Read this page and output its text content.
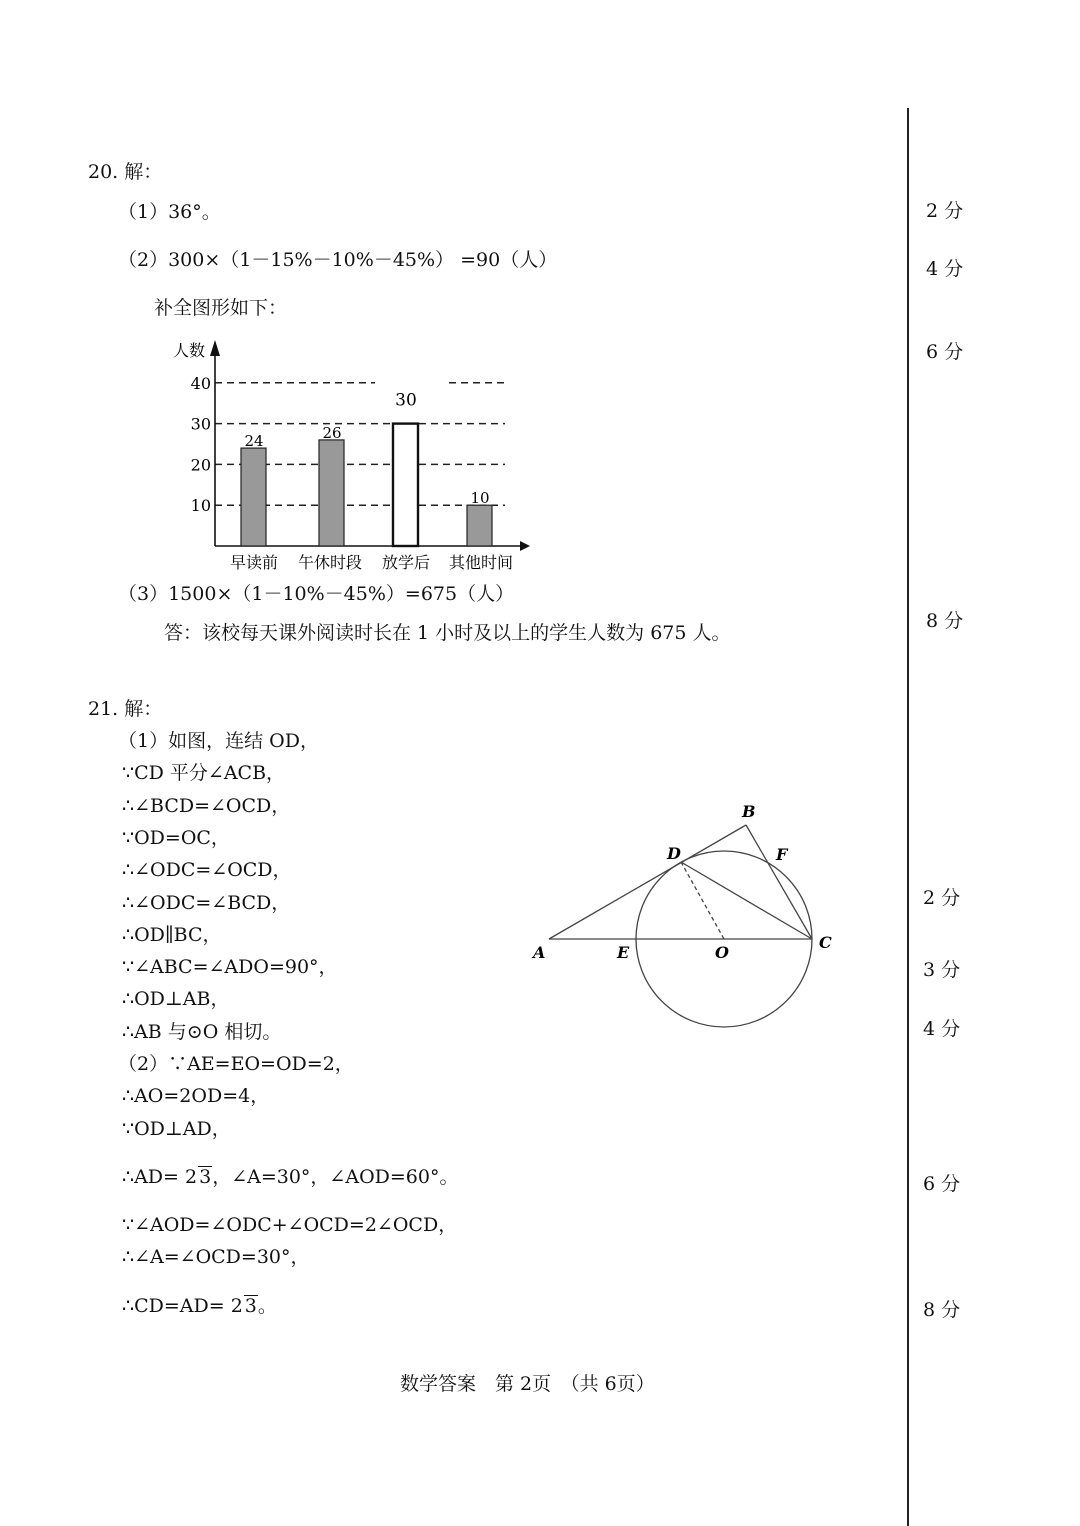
20. 解：
（1）36°。
（2）300×（1－15%－10%－45%） =90（人）
补全图形如下：
10
20
30
40
人数
24
早读前
26
午休时段
30
放学后
10
其他时间
（3）1500×（1－10%－45%）=675（人）
答：该校每天课外阅读时长在 1 小时及以上的学生人数为 675 人。
21. 解：
（1）如图，连结 OD，
∵CD 平分∠ACB，
∴∠BCD=∠OCD，
∵OD=OC，
∴∠ODC=∠OCD，
∴∠ODC=∠BCD，
∴OD∥BC，
∵∠ABC=∠ADO=90°，
∴OD⊥AB，
∴AB 与⊙O 相切。
（2）∵AE=EO=OD=2，
∴AO=2OD=4，
∵OD⊥AD，
∴AD= 2 3，∠A=30°，∠AOD=60°。
∵∠AOD=∠ODC+∠OCD=2∠OCD，
∴∠A=∠OCD=30°，
∴CD=AD= 2 3。
A
B
C
D
E
F
O
2 分
4 分
6 分
8 分
2 分
3 分
4 分
6 分
8 分
数学答案　第 2页　（共 6页）
